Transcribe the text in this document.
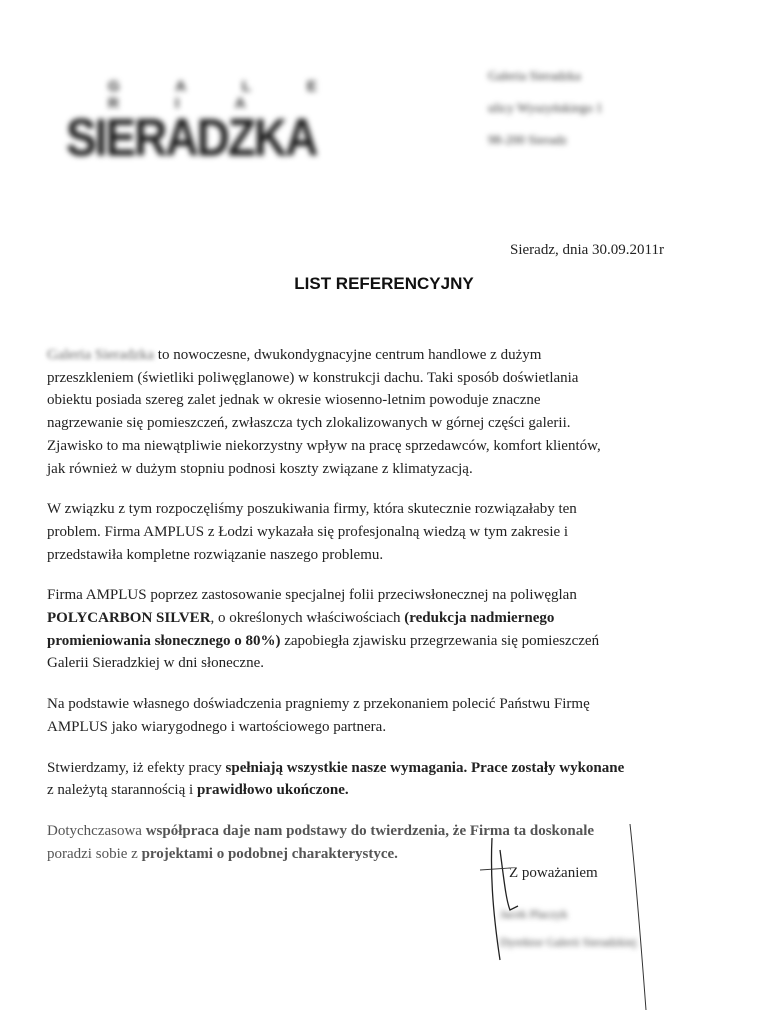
G A L E R I A
SIERADZKA
Galeria Sieradzka
ulicy Wyszyńskiego 1
98-200 Sieradz
Sieradz, dnia 30.09.2011r
LIST REFERENCYJNY
Galeria Sieradzka to nowoczesne, dwukondygnacyjne centrum handlowe z dużym
przeszkleniem (świetliki poliwęglanowe) w konstrukcji dachu. Taki sposób doświetlania
obiektu posiada szereg zalet jednak w okresie wiosenno-letnim powoduje znaczne
nagrzewanie się pomieszczeń, zwłaszcza tych zlokalizowanych w górnej części galerii.
Zjawisko to ma niewątpliwie niekorzystny wpływ na pracę sprzedawców, komfort klientów,
jak również w dużym stopniu podnosi koszty związane z klimatyzacją.
W związku z tym rozpoczęliśmy poszukiwania firmy, która skutecznie rozwiązałaby ten
problem. Firma AMPLUS z Łodzi wykazała się profesjonalną wiedzą w tym zakresie i
przedstawiła kompletne rozwiązanie naszego problemu.
Firma AMPLUS poprzez zastosowanie specjalnej folii przeciwsłonecznej na poliwęglan
POLYCARBON SILVER, o określonych właściwościach (redukcja nadmiernego
promieniowania słonecznego o 80%) zapobiegła zjawisku przegrzewania się pomieszczeń
Galerii Sieradzkiej w dni słoneczne.
Na podstawie własnego doświadczenia pragniemy z przekonaniem polecić Państwu Firmę
AMPLUS jako wiarygodnego i wartościowego partnera.
Stwierdzamy, iż efekty pracy spełniają wszystkie nasze wymagania. Prace zostały wykonane
z należytą starannością i prawidłowo ukończone.
Dotychczasowa współpraca daje nam podstawy do twierdzenia, że Firma ta doskonale
poradzi sobie z projektami o podobnej charakterystyce.
Z poważaniem
Jacek Placzyk
Dyrektor Galerii Sieradzkiej
